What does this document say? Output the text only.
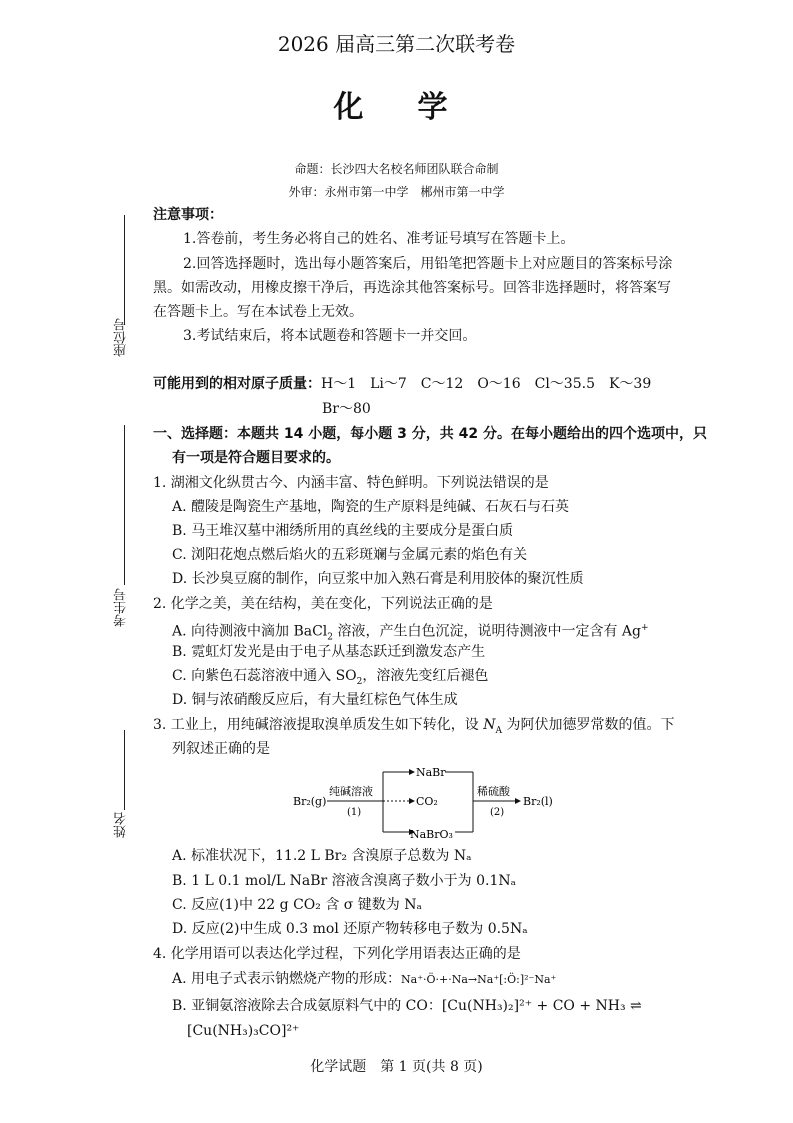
2026 届高三第二次联考卷
化　学
命题：长沙四大名校名师团队联合命制
外审：永州市第一中学　郴州市第一中学
座位号
考生号
姓名
注意事项：
1.答卷前，考生务必将自己的姓名、准考证号填写在答题卡上。
2.回答选择题时，选出每小题答案后，用铅笔把答题卡上对应题目的答案标号涂
黑。如需改动，用橡皮擦干净后，再选涂其他答案标号。回答非选择题时，将答案写
在答题卡上。写在本试卷上无效。
3.考试结束后，将本试题卷和答题卡一并交回。
可能用到的相对原子质量：H～1　Li～7　C～12　O～16　Cl～35.5　K～39
Br～80
一、选择题：本题共 14 小题，每小题 3 分，共 42 分。在每小题给出的四个选项中，只
有一项是符合题目要求的。
1. 湖湘文化纵贯古今、内涵丰富、特色鲜明。下列说法错误的是
A. 醴陵是陶瓷生产基地，陶瓷的生产原料是纯碱、石灰石与石英
B. 马王堆汉墓中湘绣所用的真丝线的主要成分是蛋白质
C. 浏阳花炮点燃后焰火的五彩斑斓与金属元素的焰色有关
D. 长沙臭豆腐的制作，向豆浆中加入熟石膏是利用胶体的聚沉性质
2. 化学之美，美在结构，美在变化，下列说法正确的是
A. 向待测液中滴加 BaCl$_2$ 溶液，产生白色沉淀，说明待测液中一定含有 Ag+
B. 霓虹灯发光是由于电子从基态跃迁到激发态产生
C. 向紫色石蕊溶液中通入 $SO_2$，溶液先变红后褪色
D. 铜与浓硝酸反应后，有大量红棕色气体生成
3. 工业上，用纯碱溶液提取溴单质发生如下转化，设 $N_A$ 为阿伏加德罗常数的值。下
列叙述正确的是
Br₂(g)
纯碱溶液
(1)
NaBr
CO₂
NaBrO₃
稀硫酸
(2)
Br₂(l)
A. 标准状况下，11.2 L Br₂ 含溴原子总数为 Nₐ
B. 1 L 0.1 mol/L NaBr 溶液含溴离子数小于为 0.1Nₐ
C. 反应(1)中 22 g CO₂ 含 σ 键数为 Nₐ
D. 反应(2)中生成 0.3 mol 还原产物转移电子数为 0.5Nₐ
4. 化学用语可以表达化学过程，下列化学用语表达正确的是
A. 用电子式表示钠燃烧产物的形成：Na⁺·Ö·+·Na→Na⁺[:Ö:]²⁻Na⁺
B. 亚铜氨溶液除去合成氨原料气中的 CO：[Cu(NH₃)₂]²⁺ + CO + NH₃ ⇌
[Cu(NH₃)₃CO]²⁺
化学试题　第 1 页(共 8 页)
